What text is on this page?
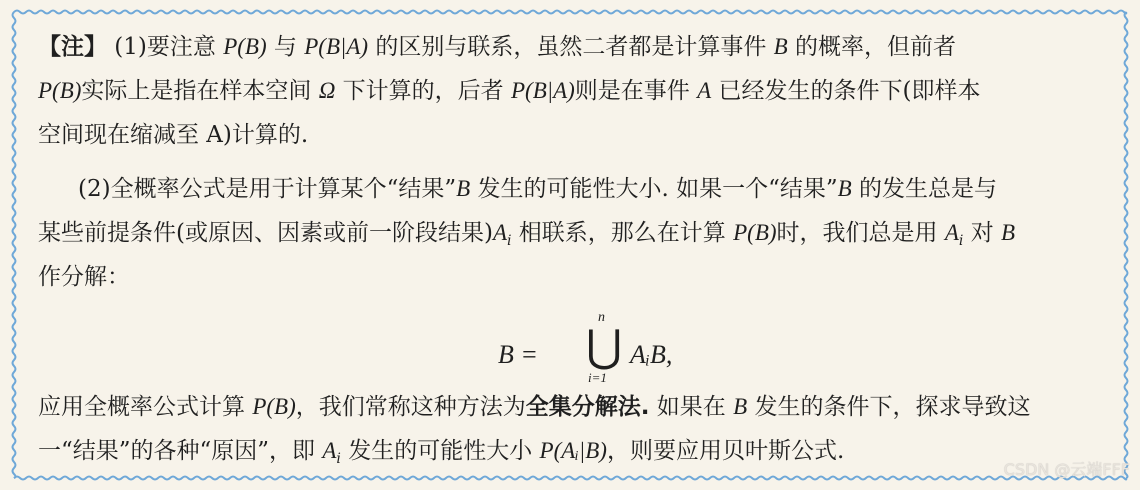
【注】 (1)要注意 P(B) 与 P(B|A) 的区别与联系，虽然二者都是计算事件 B 的概率，但前者
P(B)实际上是指在样本空间 Ω 下计算的，后者 P(B|A)则是在事件 A 已经发生的条件下(即样本
空间现在缩减至 A)计算的.
(2)全概率公式是用于计算某个“结果”B 发生的可能性大小. 如果一个“结果”B 的发生总是与
某些前提条件(或原因、因素或前一阶段结果)$A_i$ 相联系，那么在计算 P(B)时，我们总是用 $A_i$ 对 B
作分解：
B =
n
⋃
i=1
AᵢB,
应用全概率公式计算 P(B)，我们常称这种方法为全集分解法. 如果在 B 发生的条件下，探求导致这
一“结果”的各种“原因”，即 $A_i$ 发生的可能性大小 P(Aᵢ|B)，则要应用贝叶斯公式.
CSDN @云端FFF
